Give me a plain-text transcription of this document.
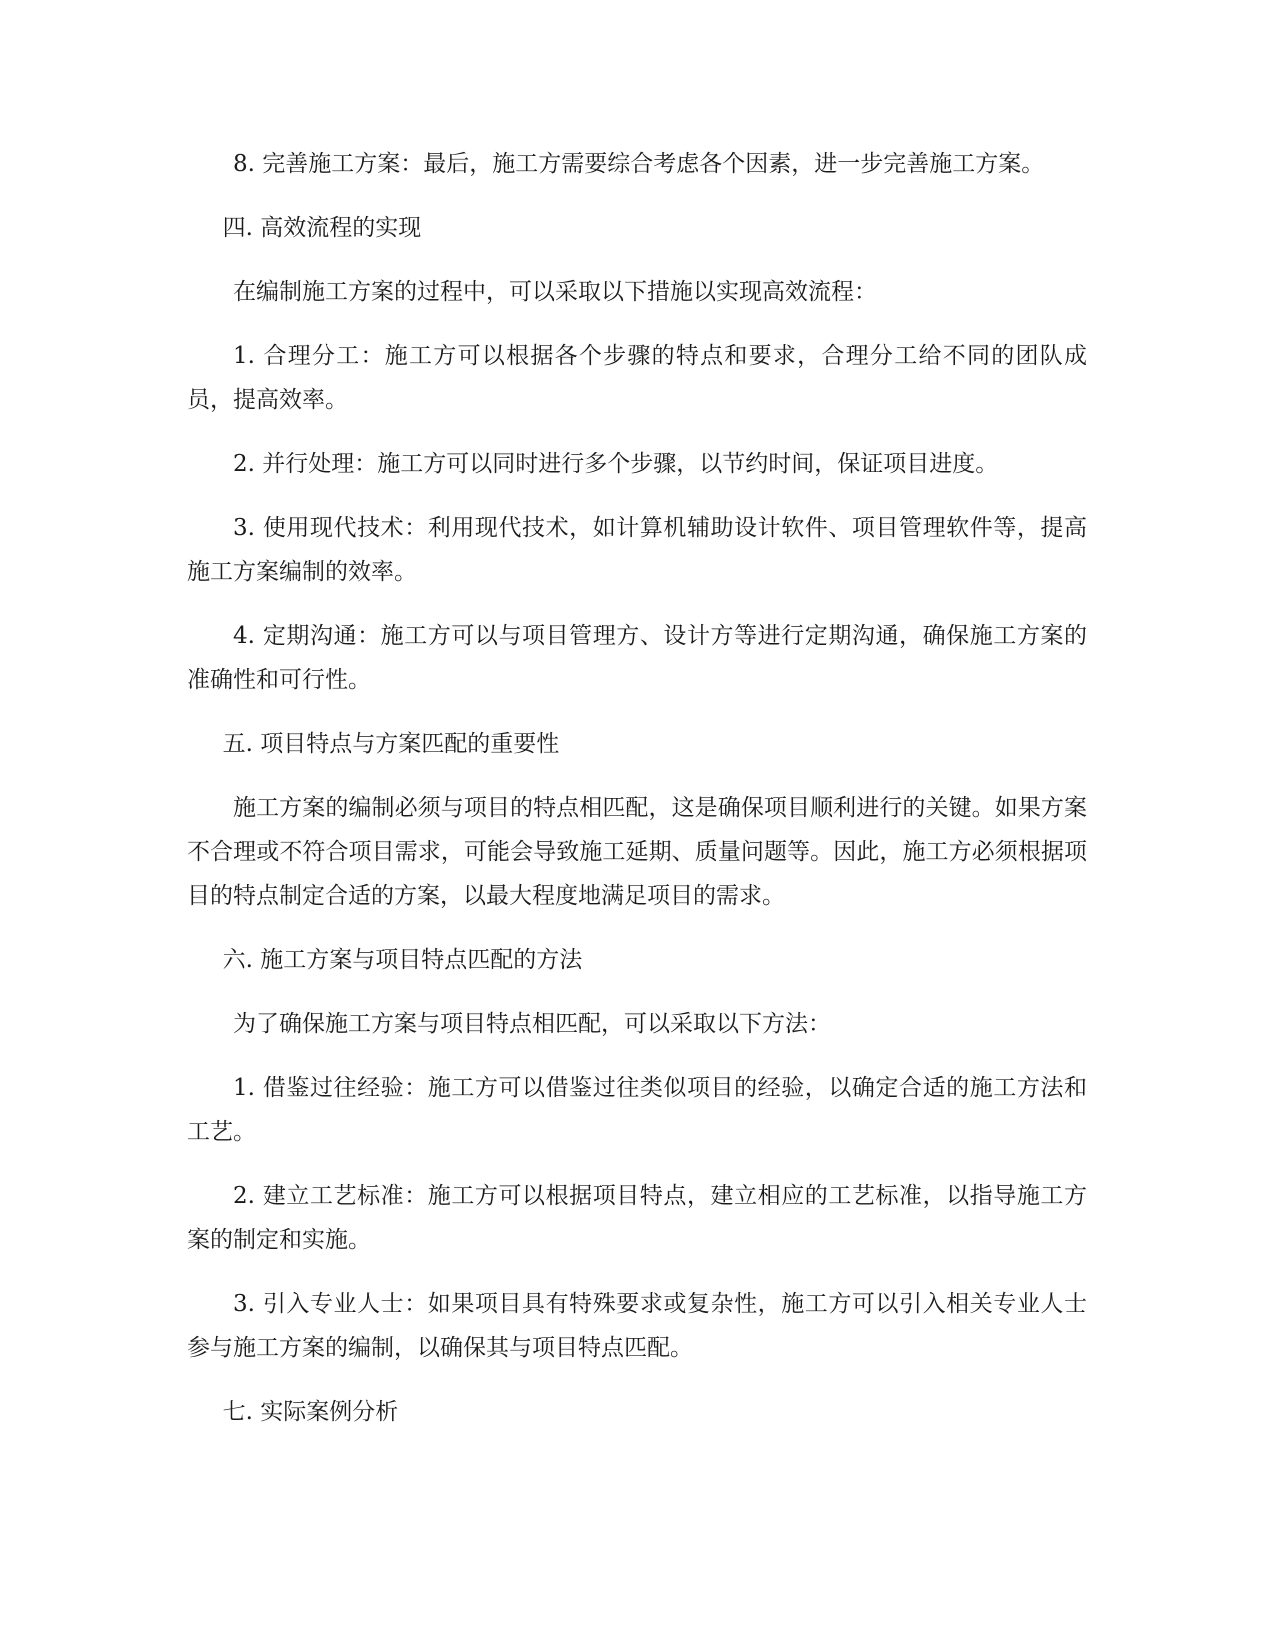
8. 完善施工方案：最后，施工方需要综合考虑各个因素，进一步完善施工方案。

四. 高效流程的实现

在编制施工方案的过程中，可以采取以下措施以实现高效流程：

1. 合理分工：施工方可以根据各个步骤的特点和要求，合理分工给不同的团队成员，提高效率。

2. 并行处理：施工方可以同时进行多个步骤，以节约时间，保证项目进度。

3. 使用现代技术：利用现代技术，如计算机辅助设计软件、项目管理软件等，提高施工方案编制的效率。

4. 定期沟通：施工方可以与项目管理方、设计方等进行定期沟通，确保施工方案的准确性和可行性。

五. 项目特点与方案匹配的重要性

施工方案的编制必须与项目的特点相匹配，这是确保项目顺利进行的关键。如果方案不合理或不符合项目需求，可能会导致施工延期、质量问题等。因此，施工方必须根据项目的特点制定合适的方案，以最大程度地满足项目的需求。

六. 施工方案与项目特点匹配的方法

为了确保施工方案与项目特点相匹配，可以采取以下方法：

1. 借鉴过往经验：施工方可以借鉴过往类似项目的经验，以确定合适的施工方法和工艺。

2. 建立工艺标准：施工方可以根据项目特点，建立相应的工艺标准，以指导施工方案的制定和实施。

3. 引入专业人士：如果项目具有特殊要求或复杂性，施工方可以引入相关专业人士参与施工方案的编制，以确保其与项目特点匹配。

七. 实际案例分析
